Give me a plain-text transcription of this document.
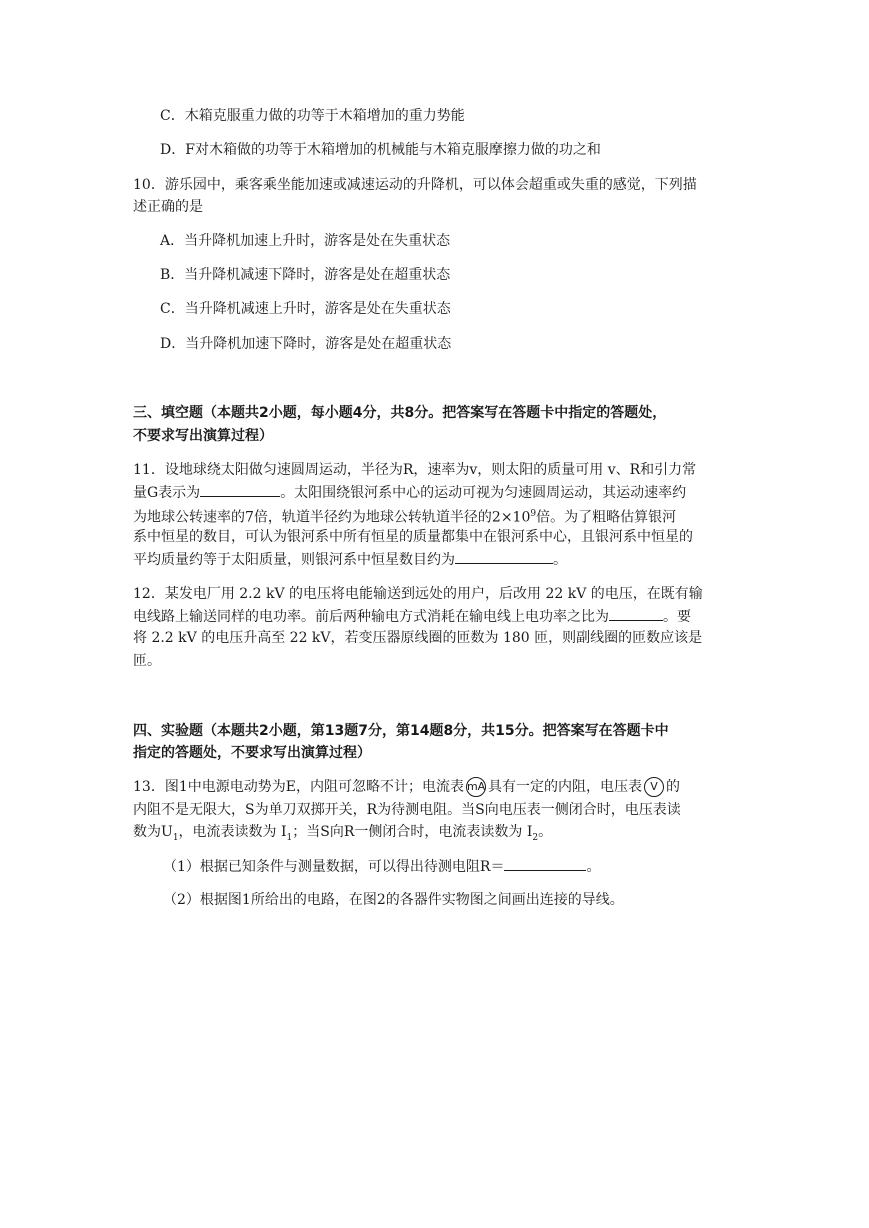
C．木箱克服重力做的功等于木箱增加的重力势能
D．F对木箱做的功等于木箱增加的机械能与木箱克服摩擦力做的功之和
10．游乐园中，乘客乘坐能加速或减速运动的升降机，可以体会超重或失重的感觉，下列描
述正确的是
A．当升降机加速上升时，游客是处在失重状态
B．当升降机减速下降时，游客是处在超重状态
C．当升降机减速上升时，游客是处在失重状态
D．当升降机加速下降时，游客是处在超重状态
三、填空题（本题共2小题，每小题4分，共8分。把答案写在答题卡中指定的答题处，
不要求写出演算过程）
11．设地球绕太阳做匀速圆周运动，半径为R，速率为v，则太阳的质量可用 v、R和引力常
量G表示为	。太阳围绕银河系中心的运动可视为匀速圆周运动，其运动速率约
为地球公转速率的7倍，轨道半径约为地球公转轨道半径的$2\times 10^9$倍。为了粗略估算银河
系中恒星的数目，可认为银河系中所有恒星的质量都集中在银河系中心，且银河系中恒星的
平均质量约等于太阳质量，则银河系中恒星数目约为	。
12．某发电厂用 2.2 kV 的电压将电能输送到远处的用户，后改用 22 kV 的电压，在既有输
电线路上输送同样的电功率。前后两种输电方式消耗在输电线上电功率之比为	。要
将 2.2 kV 的电压升高至 22 kV，若变压器原线圈的匝数为 180 匝，则副线圈的匝数应该是
匝。
四、实验题（本题共2小题，第13题7分，第14题8分，共15分。把答案写在答题卡中
指定的答题处，不要求写出演算过程）
13．图1中电源电动势为E，内阻可忽略不计；电流表 mA 具有一定的内阻，电压表 V 的
内阻不是无限大，S为单刀双掷开关，R为待测电阻。当S向电压表一侧闭合时，电压表读
数为$U_1$，电流表读数为 $I_1$；当S向R一侧闭合时，电流表读数为 $I_2$。
（1）根据已知条件与测量数据，可以得出待测电阻R＝	。
（2）根据图1所给出的电路，在图2的各器件实物图之间画出连接的导线。
